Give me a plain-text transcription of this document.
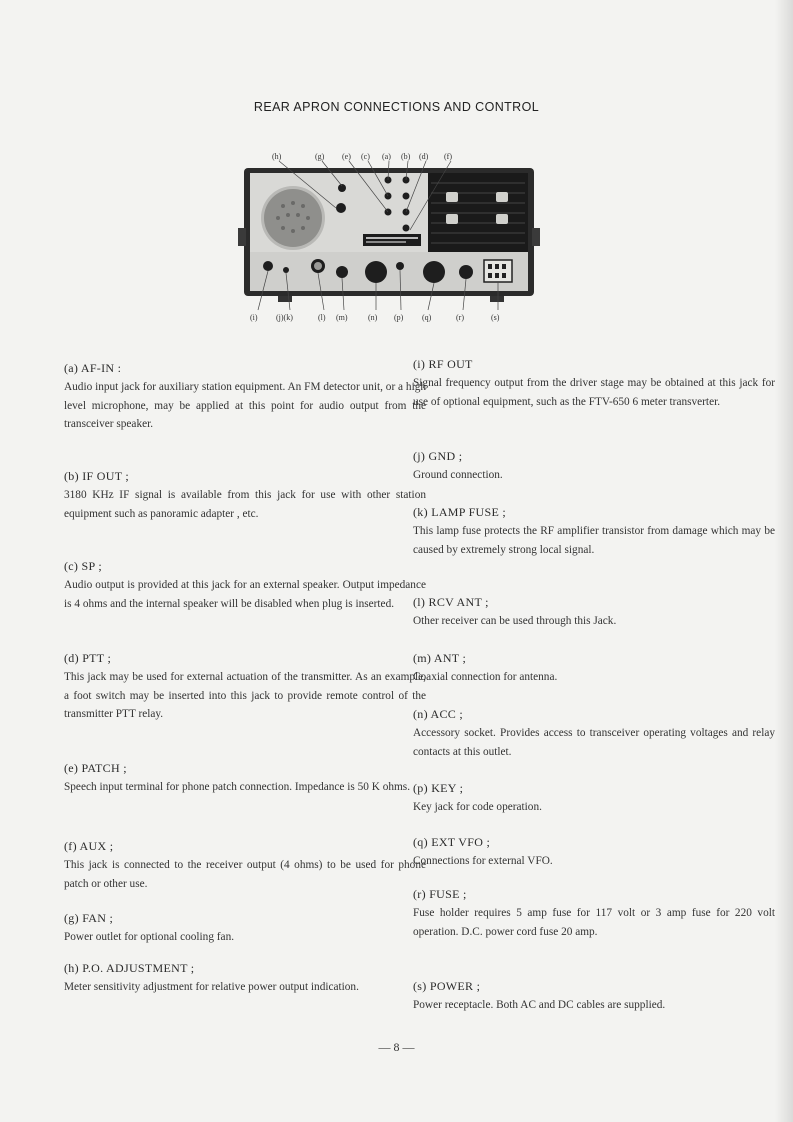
REAR APRON CONNECTIONS AND CONTROL
(h)	(g) (e) (c) (a) (b) (d) (f)
(i) (j)(k)	(l) (m)	(n) (p) (q)	(r)	(s)
(a) AF-IN :
Audio input jack for auxiliary station equipment. An FM detector unit, or a high level microphone, may be applied at this point for audio output from the transceiver speaker.
(b) IF OUT ;
3180 KHz IF signal is available from this jack for use with other station equipment such as panoramic adapter , etc.
(c) SP ;
Audio output is provided at this jack for an external speaker. Output impedance is 4 ohms and the internal speaker will be disabled when plug is inserted.
(d) PTT ;
This jack may be used for external actuation of the transmitter. As an example, a foot switch may be inserted into this jack to provide remote control of the transmitter PTT relay.
(e) PATCH ;
Speech input terminal for phone patch connection. Impedance is 50 K ohms.
(f) AUX ;
This jack is connected to the receiver output (4 ohms) to be used for phone patch or other use.
(g) FAN ;
Power outlet for optional cooling fan.
(h) P.O. ADJUSTMENT ;
Meter sensitivity adjustment for relative power output indication.
(i) RF OUT
Signal frequency output from the driver stage may be obtained at this jack for use of optional equipment, such as the FTV-650 6 meter transverter.
(j) GND ;
Ground connection.
(k) LAMP FUSE ;
This lamp fuse protects the RF amplifier transistor from damage which may be caused by extremely strong local signal.
(l) RCV ANT ;
Other receiver can be used through this Jack.
(m) ANT ;
Coaxial connection for antenna.
(n) ACC ;
Accessory socket. Provides access to transceiver operating voltages and relay contacts at this outlet.
(p) KEY ;
Key jack for code operation.
(q) EXT VFO ;
Connections for external VFO.
(r) FUSE ;
Fuse holder requires 5 amp fuse for 117 volt or 3 amp fuse for 220 volt operation. D.C. power cord fuse 20 amp.
(s) POWER ;
Power receptacle. Both AC and DC cables are supplied.
— 8 —
